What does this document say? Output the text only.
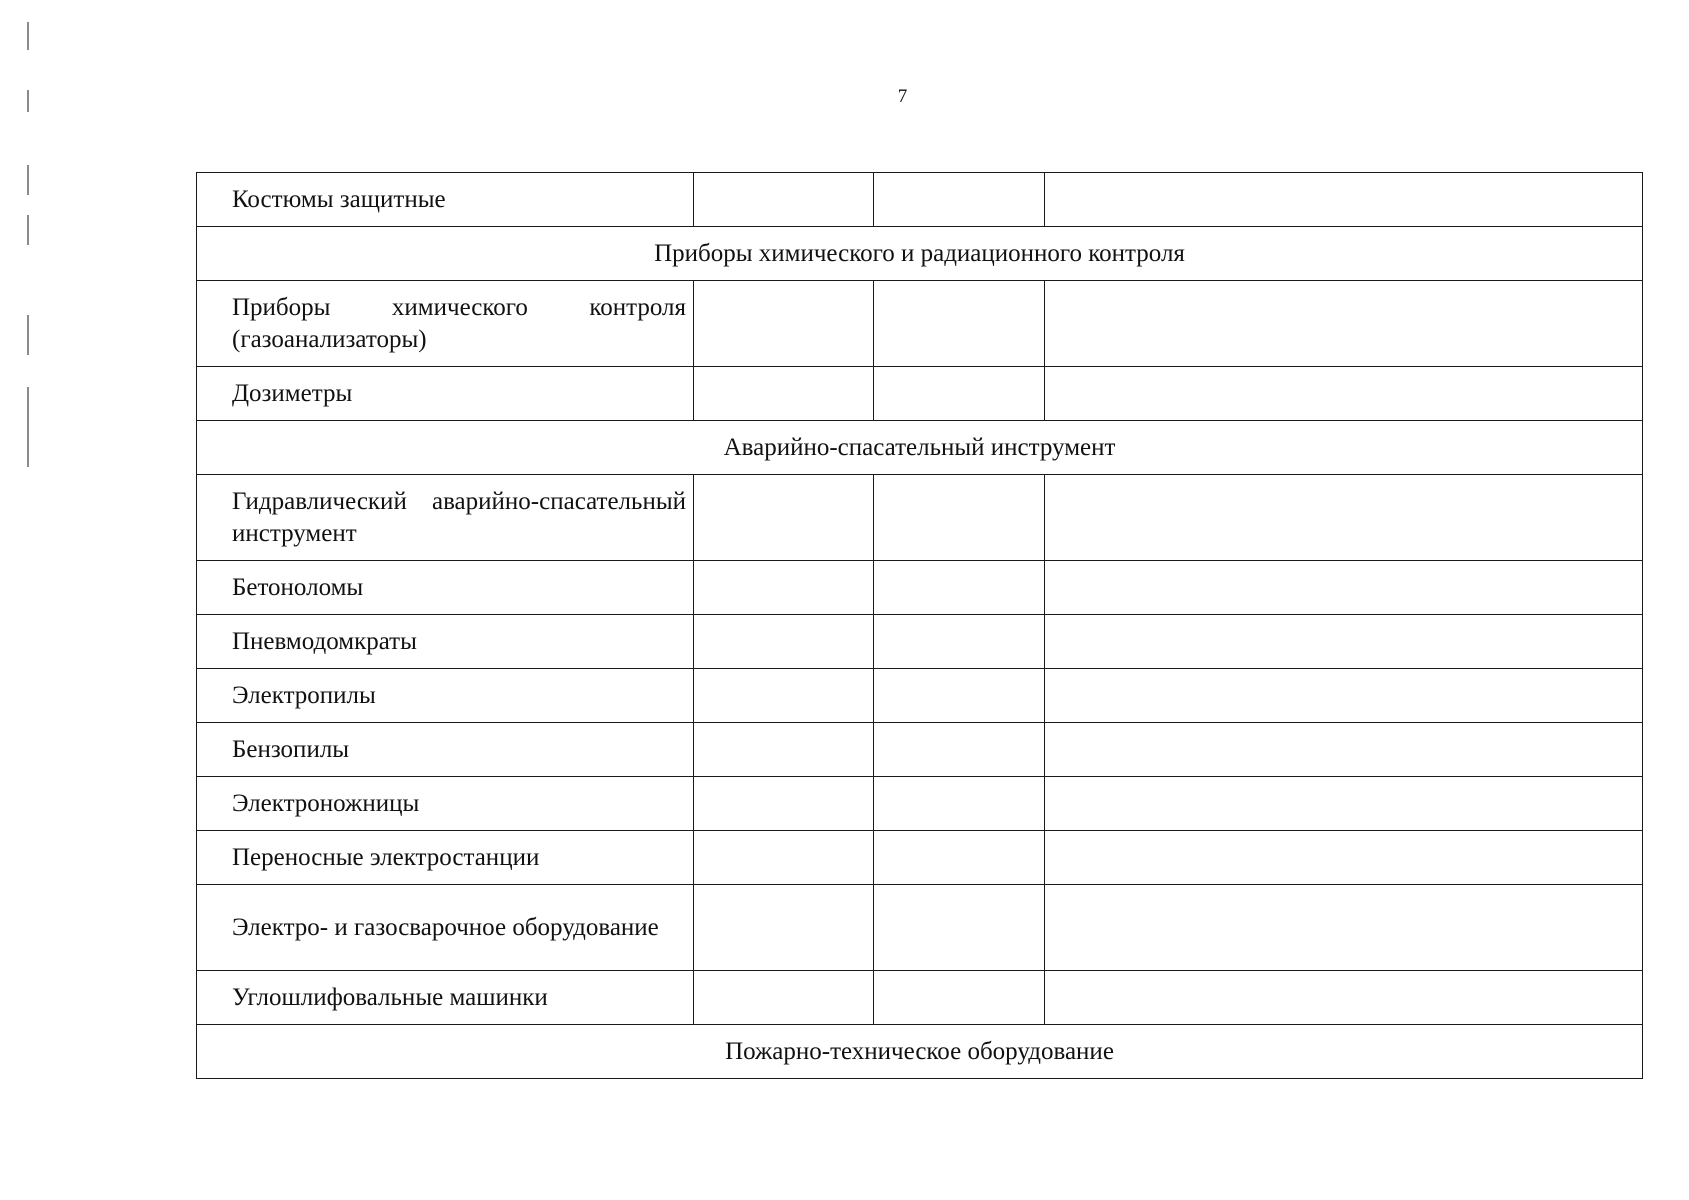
7
Костюмы защитные			
Приборы химического и радиационного контроля			
Приборы химического контроля (газоанализаторы)			
Дозиметры			
Аварийно-спасательный инструмент			
Гидравлический аварийно-спасательный инструмент			
Бетоноломы			
Пневмодомкраты			
Электропилы			
Бензопилы			
Электроножницы			
Переносные электростанции			
Электро- и газосварочное оборудование			
Углошлифовальные машинки			
Пожарно-техническое оборудование			
